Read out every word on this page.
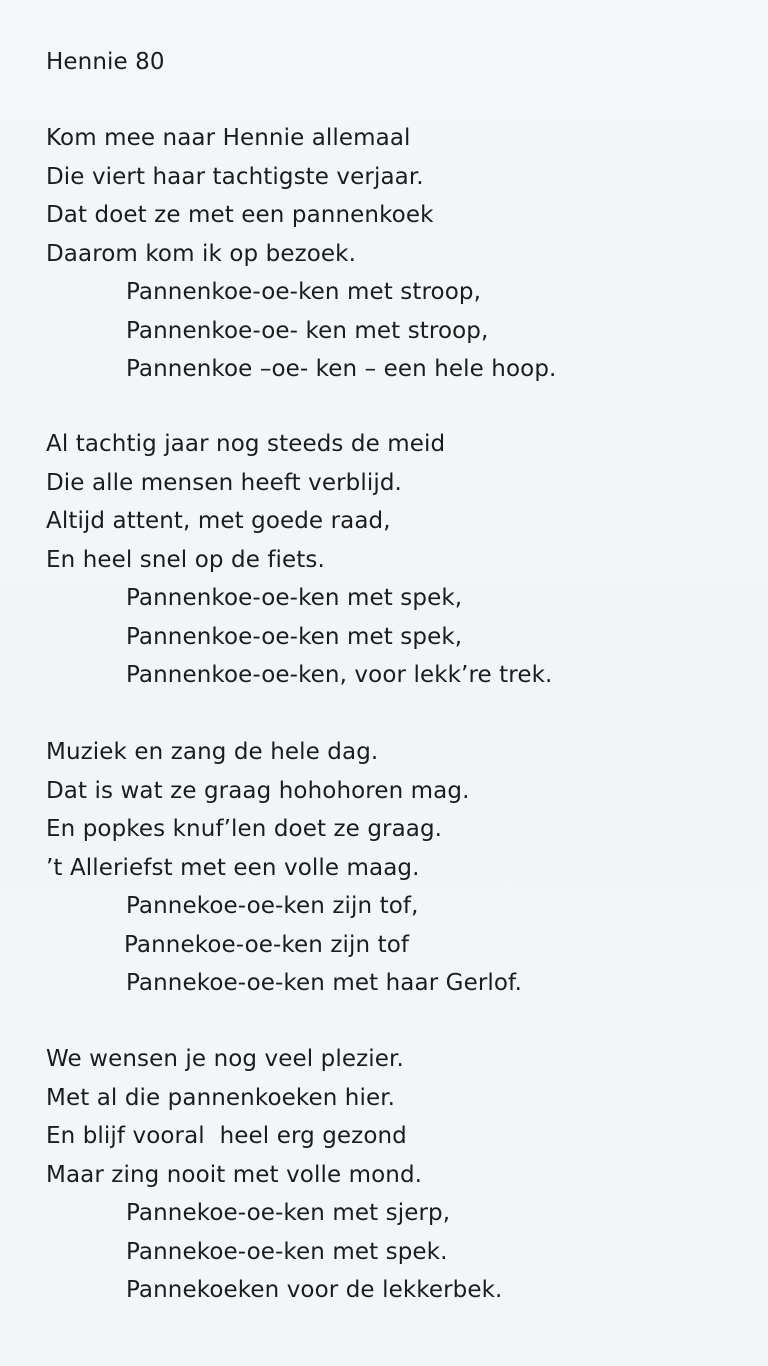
Hennie 80
Kom mee naar Hennie allemaal
Die viert haar tachtigste verjaar.
Dat doet ze met een pannenkoek
Daarom kom ik op bezoek.
Pannenkoe-oe-ken met stroop,
Pannenkoe-oe- ken met stroop,
Pannenkoe –oe- ken – een hele hoop.
Al tachtig jaar nog steeds de meid
Die alle mensen heeft verblijd.
Altijd attent, met goede raad,
En heel snel op de fiets.
Pannenkoe-oe-ken met spek,
Pannenkoe-oe-ken met spek,
Pannenkoe-oe-ken, voor lekk’re trek.
Muziek en zang de hele dag.
Dat is wat ze graag hohohoren mag.
En popkes knuf’len doet ze graag.
’t Alleriefst met een volle maag.
Pannekoe-oe-ken zijn tof,
Pannekoe-oe-ken zijn tof
Pannekoe-oe-ken met haar Gerlof.
We wensen je nog veel plezier.
Met al die pannenkoeken hier.
En blijf vooral  heel erg gezond
Maar zing nooit met volle mond.
Pannekoe-oe-ken met sjerp,
Pannekoe-oe-ken met spek.
Pannekoeken voor de lekkerbek.
